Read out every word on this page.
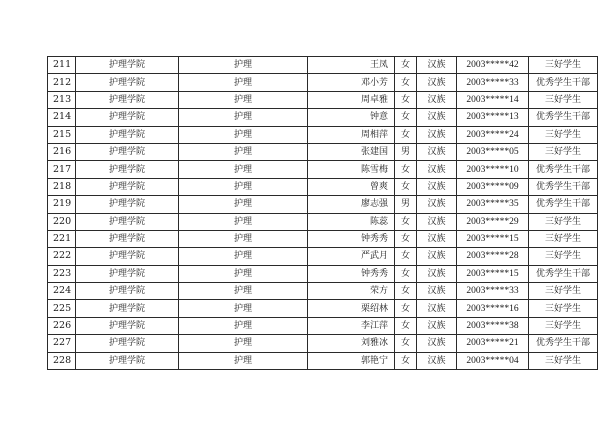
211	护理学院	护理	王凤	女	汉族	2003*****42	三好学生
212	护理学院	护理	邓小芳	女	汉族	2003*****33	优秀学生干部
213	护理学院	护理	周卓雅	女	汉族	2003*****14	三好学生
214	护理学院	护理	钟意	女	汉族	2003*****13	优秀学生干部
215	护理学院	护理	周相萍	女	汉族	2003*****24	三好学生
216	护理学院	护理	张建国	男	汉族	2003*****05	三好学生
217	护理学院	护理	陈雪梅	女	汉族	2003*****10	优秀学生干部
218	护理学院	护理	曾爽	女	汉族	2003*****09	优秀学生干部
219	护理学院	护理	廖志强	男	汉族	2003*****35	优秀学生干部
220	护理学院	护理	陈蕊	女	汉族	2003*****29	三好学生
221	护理学院	护理	钟秀秀	女	汉族	2003*****15	三好学生
222	护理学院	护理	严武月	女	汉族	2003*****28	三好学生
223	护理学院	护理	钟秀秀	女	汉族	2003*****15	优秀学生干部
224	护理学院	护理	荣方	女	汉族	2003*****33	三好学生
225	护理学院	护理	栗绍林	女	汉族	2003*****16	三好学生
226	护理学院	护理	李江萍	女	汉族	2003*****38	三好学生
227	护理学院	护理	刘雅冰	女	汉族	2003*****21	优秀学生干部
228	护理学院	护理	郭艳宁	女	汉族	2003*****04	三好学生
